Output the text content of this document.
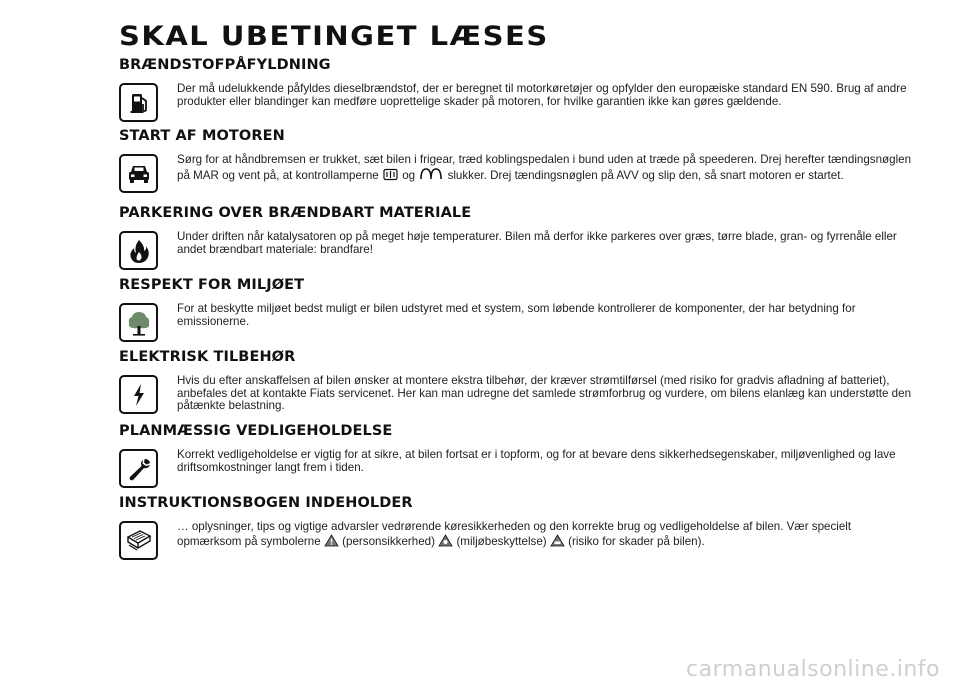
SKAL UBETINGET LÆSES
BRÆNDSTOFPÅFYLDNING

Der må udelukkende påfyldes dieselbrændstof, der er beregnet til motorkøretøjer og opfylder den europæiske standard EN 590. Brug af andre produkter eller blandinger kan medføre uoprettelige skader på motoren, for hvilke garantien ikke kan gøres gældende.

START AF MOTOREN

Sørg for at håndbremsen er trukket, sæt bilen i frigear, træd koblingspedalen i bund uden at træde på speederen. Drej herefter tændingsnøglen på MAR og vent på, at kontrollamperne og	slukker. Drej tændingsnøglen på AVV og slip den, så snart motoren er startet.

PARKERING OVER BRÆNDBART MATERIALE

Under driften når katalysatoren op på meget høje temperaturer. Bilen må derfor ikke parkeres over græs, tørre blade, gran- og fyrrenåle eller andet brændbart materiale: brandfare!

RESPEKT FOR MILJØET

For at beskytte miljøet bedst muligt er bilen udstyret med et system, som løbende kontrollerer de komponenter, der har betydning for emissionerne.

ELEKTRISK TILBEHØR

Hvis du efter anskaffelsen af bilen ønsker at montere ekstra tilbehør, der kræver strømtilførsel (med risiko for gradvis afladning af batteriet), anbefales det at kontakte Fiats servicenet. Her kan man udregne det samlede strømforbrug og vurdere, om bilens elanlæg kan understøtte den påtænkte belastning.

PLANMÆSSIG VEDLIGEHOLDELSE

Korrekt vedligeholdelse er vigtig for at sikre, at bilen fortsat er i topform, og for at bevare dens sikkerhedsegenskaber, miljøvenlighed og lave driftsomkostninger langt frem i tiden.

INSTRUKTIONSBOGEN INDEHOLDER

… oplysninger, tips og vigtige advarsler vedrørende køresikkerheden og den korrekte brug og vedligeholdelse af bilen. Vær specielt opmærksom på symbolerne (personsikkerhed) (miljøbeskyttelse) (risiko for skader på bilen).

carmanualsonline.info
